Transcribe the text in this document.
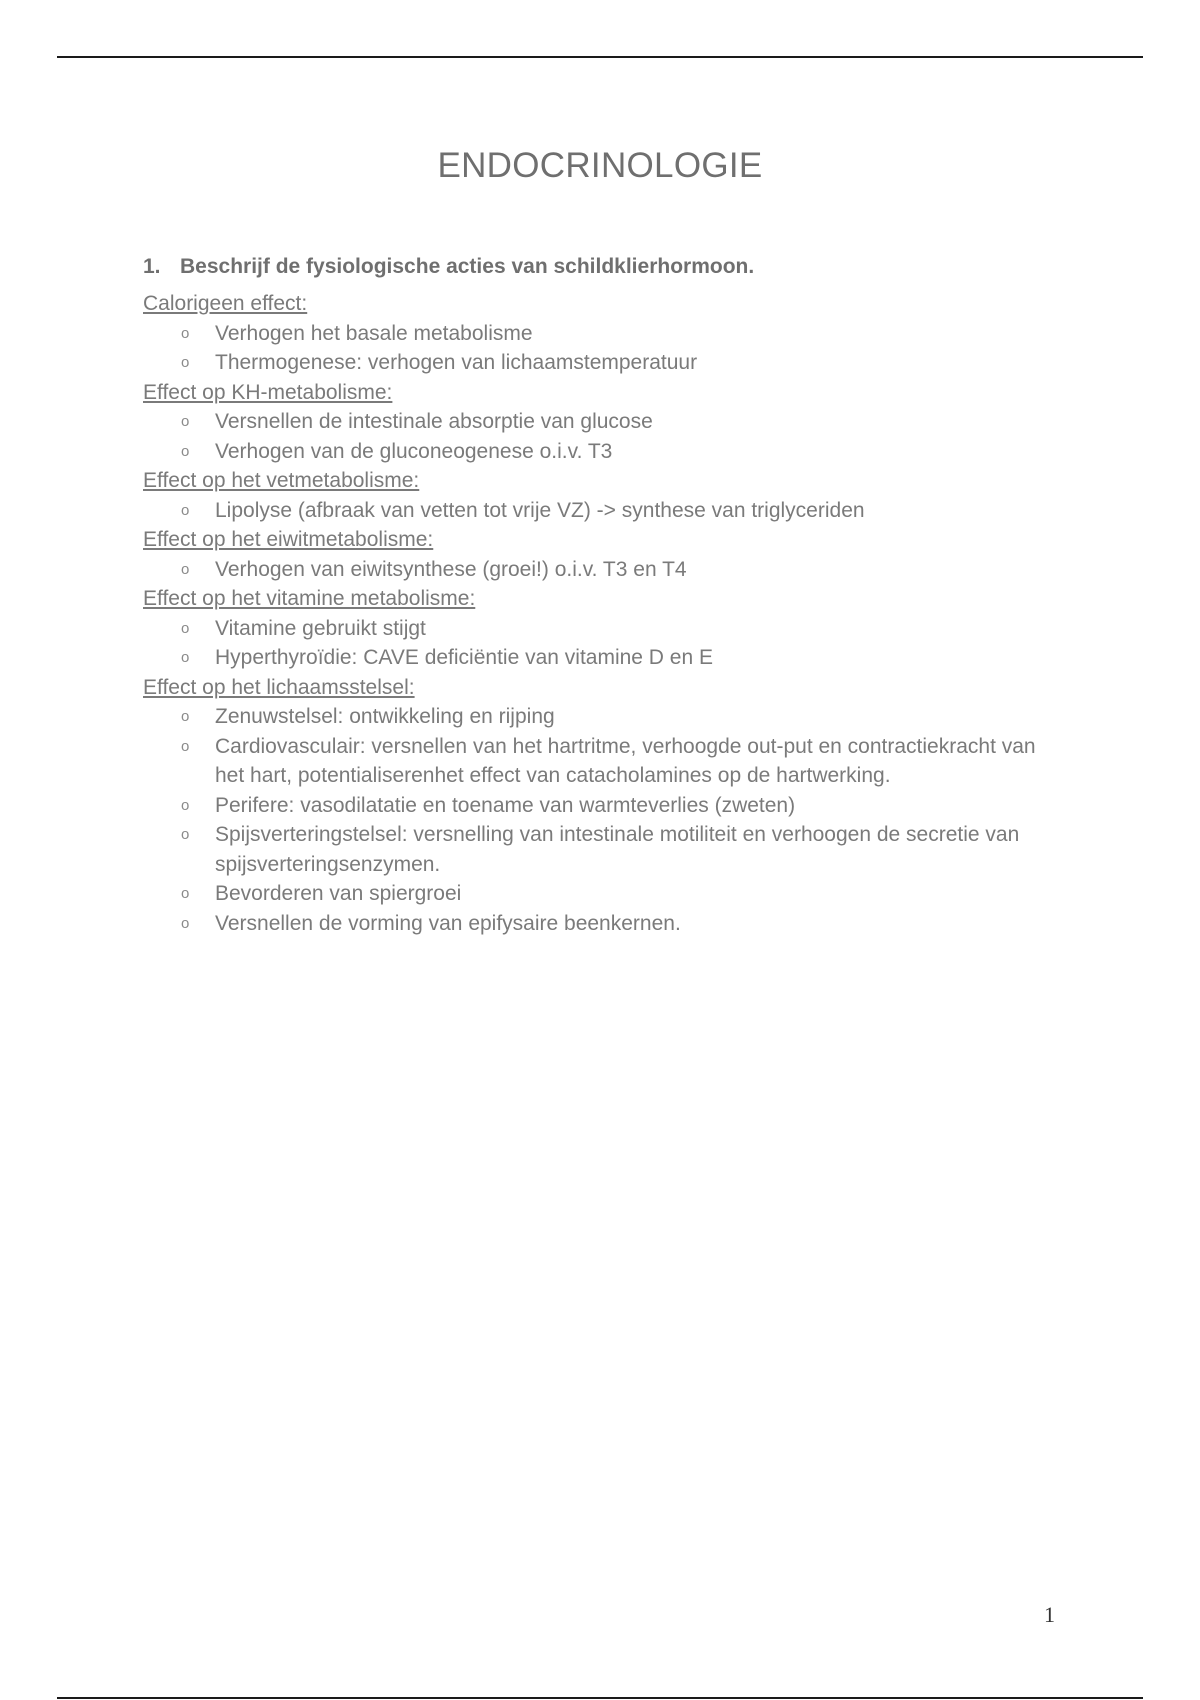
ENDOCRINOLOGIE
1. Beschrijf de fysiologische acties van schildklierhormoon.

Calorigeen effect:

o Verhogen het basale metabolisme
o Thermogenese: verhogen van lichaamstemperatuur

Effect op KH-metabolisme:

o Versnellen de intestinale absorptie van glucose
o Verhogen van de gluconeogenese o.i.v. T3

Effect op het vetmetabolisme:

o Lipolyse (afbraak van vetten tot vrije VZ) -> synthese van triglyceriden

Effect op het eiwitmetabolisme:

o Verhogen van eiwitsynthese (groei!) o.i.v. T3 en T4

Effect op het vitamine metabolisme:

o Vitamine gebruikt stijgt
o Hyperthyroïdie: CAVE deficiëntie van vitamine D en E

Effect op het lichaamsstelsel:

o Zenuwstelsel: ontwikkeling en rijping
o Cardiovasculair: versnellen van het hartritme, verhoogde out-put en contractiekracht van het hart, potentialiserenhet effect van catacholamines op de hartwerking.
o Perifere: vasodilatatie en toename van warmteverlies (zweten)
o Spijsverteringstelsel: versnelling van intestinale motiliteit en verhoogen de secretie van spijsverteringsenzymen.
o Bevorderen van spiergroei
o Versnellen de vorming van epifysaire beenkernen.
1
